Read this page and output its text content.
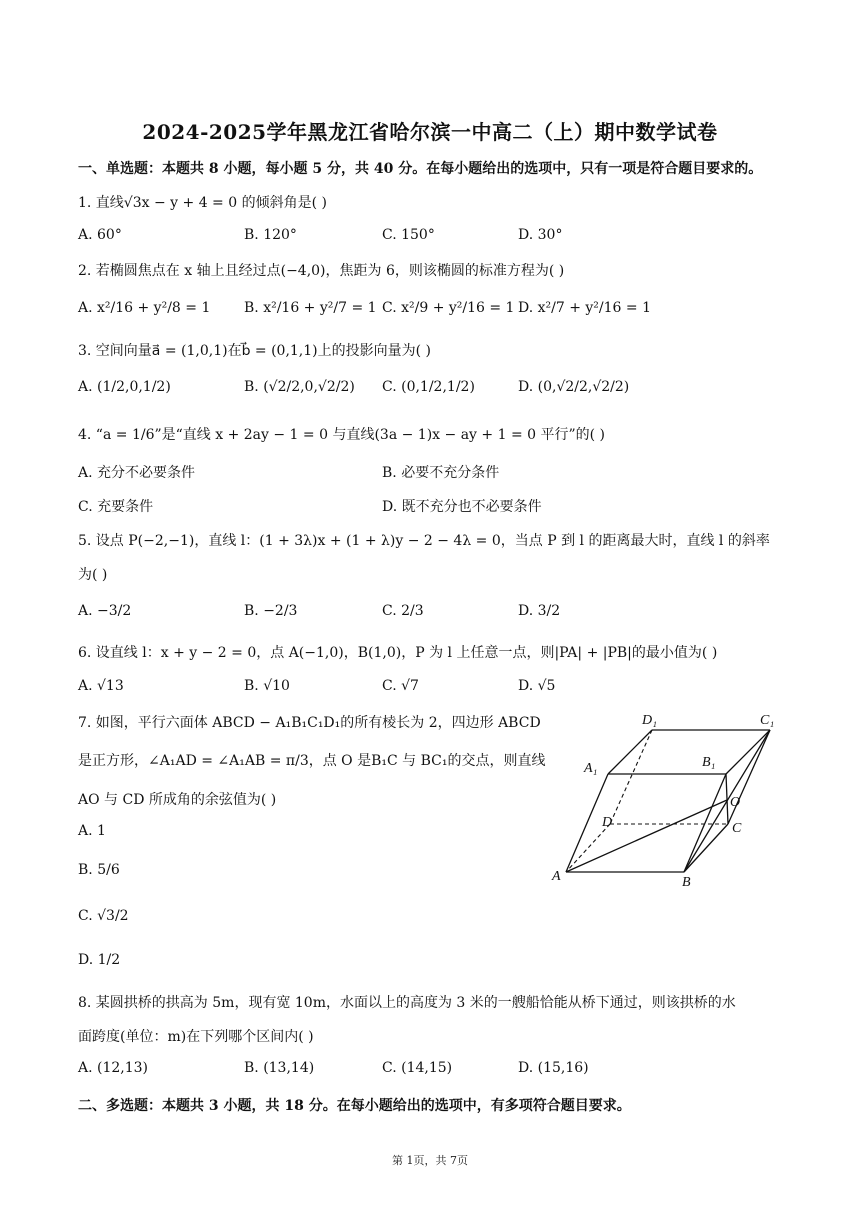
2024-2025学年黑龙江省哈尔滨一中高二（上）期中数学试卷
一、单选题：本题共 8 小题，每小题 5 分，共 40 分。在每小题给出的选项中，只有一项是符合题目要求的。
1. 直线√3x − y + 4 = 0 的倾斜角是( )
A. 60°	B. 120°	C. 150°	D. 30°
2. 若椭圆焦点在 x 轴上且经过点(−4,0)，焦距为 6，则该椭圆的标准方程为( )
A. x²/16 + y²/8 = 1 B. x²/16 + y²/7 = 1 C. x²/9 + y²/16 = 1 D. x²/7 + y²/16 = 1
3. 空间向量a⃗ = (1,0,1)在b⃗ = (0,1,1)上的投影向量为( )
A. (1/2,0,1/2)	B. (√2/2,0,√2/2) C. (0,1/2,1/2)	D. (0,√2/2,√2/2)
4. “a = 1/6”是“直线 x + 2ay − 1 = 0 与直线(3a − 1)x − ay + 1 = 0 平行”的( )
A. 充分不必要条件	B. 必要不充分条件
C. 充要条件	D. 既不充分也不必要条件
5. 设点 P(−2,−1)，直线 l：(1 + 3λ)x + (1 + λ)y − 2 − 4λ = 0，当点 P 到 l 的距离最大时，直线 l 的斜率
为( )
A. −3/2	B. −2/3	C. 2/3	D. 3/2
6. 设直线 l：x + y − 2 = 0，点 A(−1,0)，B(1,0)，P 为 l 上任意一点，则|PA| + |PB|的最小值为( )
A. √13	B. √10	C. √7	D. √5
7. 如图，平行六面体 ABCD − A₁B₁C₁D₁的所有棱长为 2，四边形 ABCD
是正方形，∠A₁AD = ∠A₁AB = π/3，点 O 是B₁C 与 BC₁的交点，则直线
AO 与 CD 所成角的余弦值为( )
A. 1
B. 5/6
C. √3/2
D. 1/2
D₁	C₁
A₁	B₁
O
D	C
A	B
8. 某圆拱桥的拱高为 5m，现有宽 10m，水面以上的高度为 3 米的一艘船恰能从桥下通过，则该拱桥的水
面跨度(单位：m)在下列哪个区间内( )
A. (12,13)	B. (13,14)	C. (14,15)	D. (15,16)
二、多选题：本题共 3 小题，共 18 分。在每小题给出的选项中，有多项符合题目要求。
第 1页，共 7页
